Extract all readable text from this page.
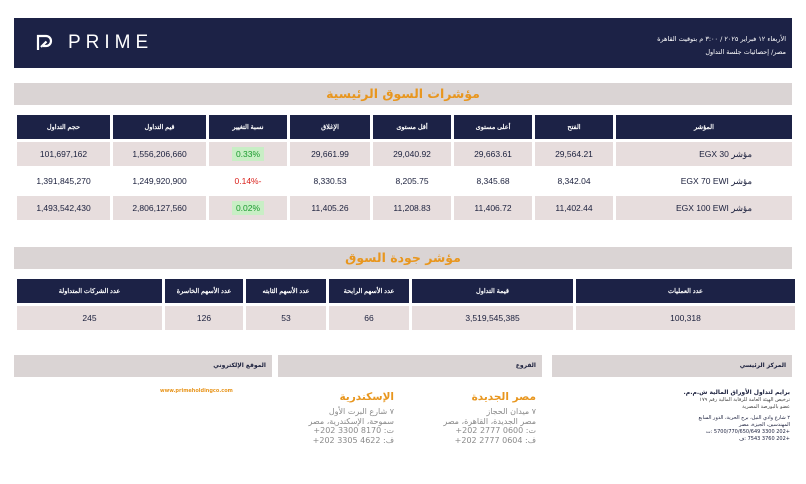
PRIME	الأربعاء ١٢ فبراير ٢٠٢٥ / ٣:٠٠ م بتوقيت القاهرة
مصر/ إحصائيات جلسة التداول
مؤشرات السوق الرئيسية
المؤشر	الفتح	أعلى مستوى	أقل مستوى	الإغلاق	نسبة التغيير	قيم التداول	حجم التداول
مؤشر EGX 30	29,564.21	29,663.61	29,040.92	29,661.99	0.33%	1,556,206,660	101,697,162
مؤشر EGX 70 EWI	8,342.04	8,345.68	8,205.75	8,330.53	-0.14%	1,249,920,900	1,391,845,270
مؤشر EGX 100 EWI	11,402.44	11,406.72	11,208.83	11,405.26	0.02%	2,806,127,560	1,493,542,430
مؤشر جودة السوق
عدد العمليات	قيمة التداول	عدد الأسهم الرابحة	عدد الأسهم الثابته	عدد الأسهم الخاسرة	عدد الشركات المتداولة
100,318	3,519,545,385	66	53	126	245
الموقع الإلكتروني	الفروع	المركز الرئيسي
www.primeholdingco.com	مصر الجديدة
٧ ميدان الحجاز
مصر الجديدة، القاهرة، مصر
ت: 0600 2777 202+
ف: 0604 2777 202+
الإسكندرية
٧ شارع البرت الأول
سموحة، الإسكندرية، مصر
ت: 8170 3300 202+
ف: 4622 3305 202+
برايم لتداول الأوراق المالية ش.م.م.
ترخيص الهيئة العامة للرقابة المالية رقم ١٧٩
عضو بالبورصة المصرية
٢ شارع وادي النيل، برج الحرية، الدور السابع
المهندسين، الجيزة، مصر
+202 3300 5700/770/650/649 :ت
+202 3760 7543 :ف
